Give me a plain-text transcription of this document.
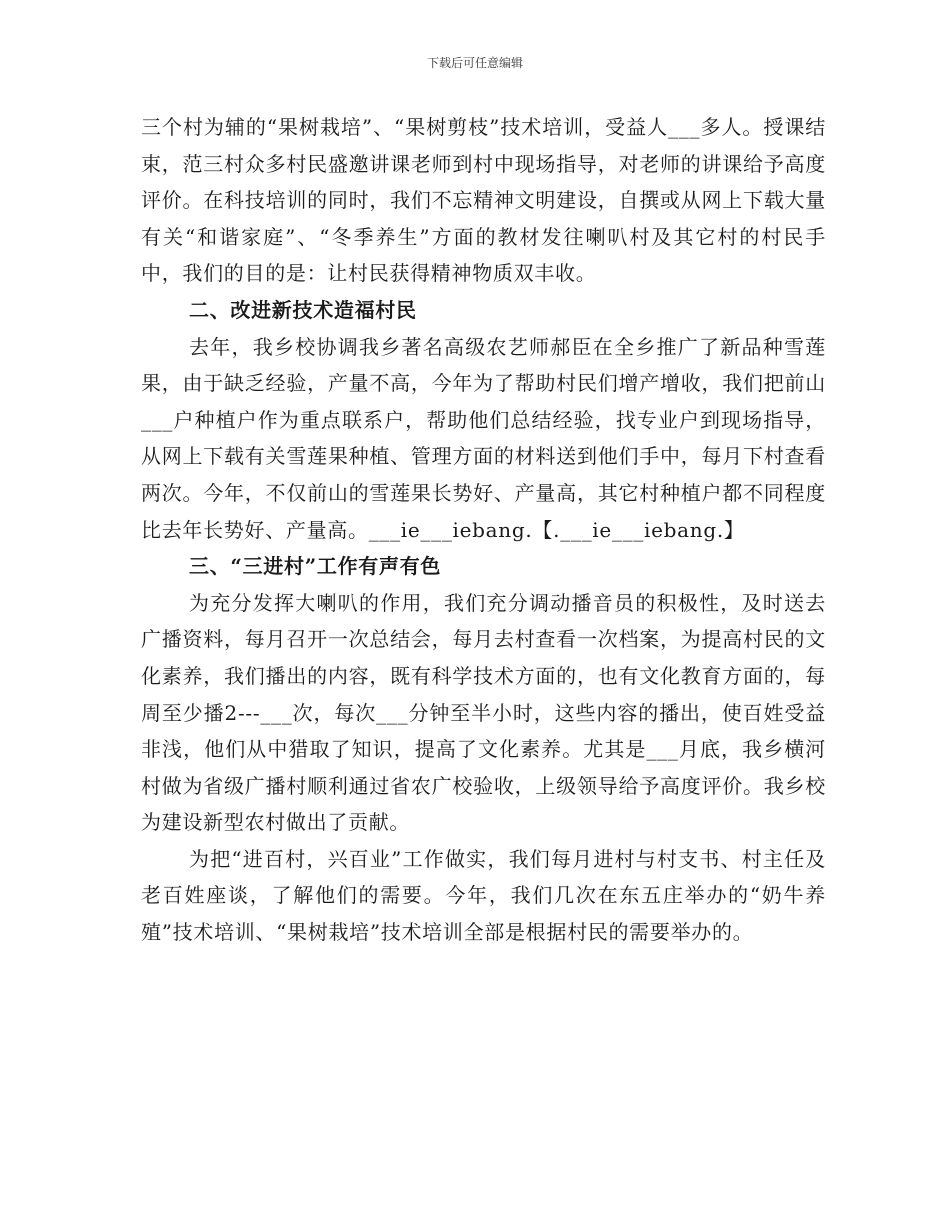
下载后可任意编辑

三个村为辅的“果树栽培”、“果树剪枝”技术培训，受益人___多人。授课结束，范三村众多村民盛邀讲课老师到村中现场指导，对老师的讲课给予高度评价。在科技培训的同时，我们不忘精神文明建设，自撰或从网上下载大量有关“和谐家庭”、“冬季养生”方面的教材发往喇叭村及其它村的村民手中，我们的目的是：让村民获得精神物质双丰收。

二、改进新技术造福村民

去年，我乡校协调我乡著名高级农艺师郝臣在全乡推广了新品种雪莲果，由于缺乏经验，产量不高，今年为了帮助村民们增产增收，我们把前山___户种植户作为重点联系户，帮助他们总结经验，找专业户到现场指导，从网上下载有关雪莲果种植、管理方面的材料送到他们手中，每月下村查看两次。今年，不仅前山的雪莲果长势好、产量高，其它村种植户都不同程度比去年长势好、产量高。___ie___iebang.【.___ie___iebang.】

三、“三进村”工作有声有色

为充分发挥大喇叭的作用，我们充分调动播音员的积极性，及时送去广播资料，每月召开一次总结会，每月去村查看一次档案，为提高村民的文化素养，我们播出的内容，既有科学技术方面的，也有文化教育方面的，每周至少播2---___次，每次___分钟至半小时，这些内容的播出，使百姓受益非浅，他们从中猎取了知识，提高了文化素养。尤其是___月底，我乡横河村做为省级广播村顺利通过省农广校验收，上级领导给予高度评价。我乡校为建设新型农村做出了贡献。

为把“进百村，兴百业”工作做实，我们每月进村与村支书、村主任及老百姓座谈，了解他们的需要。今年，我们几次在东五庄举办的“奶牛养殖”技术培训、“果树栽培”技术培训全部是根据村民的需要举办的。
